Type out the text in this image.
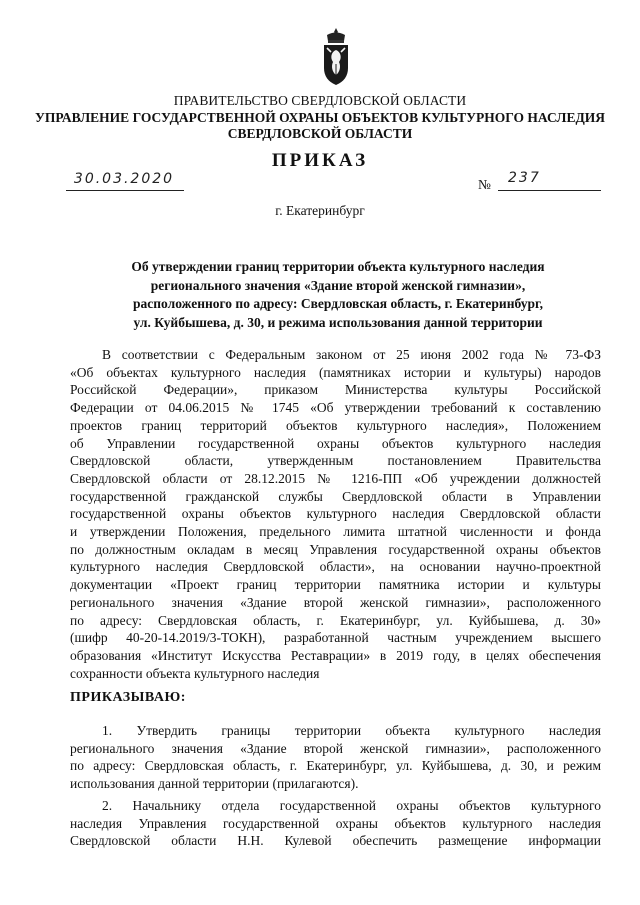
ПРАВИТЕЛЬСТВО СВЕРДЛОВСКОЙ ОБЛАСТИ
УПРАВЛЕНИЕ ГОСУДАРСТВЕННОЙ ОХРАНЫ ОБЪЕКТОВ КУЛЬТУРНОГО НАСЛЕДИЯ
СВЕРДЛОВСКОЙ ОБЛАСТИ
ПРИКАЗ
30.03.2020	№ 237
г. Екатеринбург
Об утверждении границ территории объекта культурного наследия
регионального значения «Здание второй женской гимназии»,
расположенного по адресу: Свердловская область, г. Екатеринбург,
ул. Куйбышева, д. 30, и режима использования данной территории
В соответствии с Федеральным законом от 25 июня 2002 года № 73-ФЗ
«Об объектах культурного наследия (памятниках истории и культуры) народов
Российской Федерации», приказом Министерства культуры Российской
Федерации от 04.06.2015 № 1745 «Об утверждении требований к составлению
проектов границ территорий объектов культурного наследия», Положением
об Управлении государственной охраны объектов культурного наследия
Свердловской области, утвержденным постановлением Правительства
Свердловской области от 28.12.2015 № 1216-ПП «Об учреждении должностей
государственной гражданской службы Свердловской области в Управлении
государственной охраны объектов культурного наследия Свердловской области
и утверждении Положения, предельного лимита штатной численности и фонда
по должностным окладам в месяц Управления государственной охраны объектов
культурного наследия Свердловской области», на основании научно-проектной
документации «Проект границ территории памятника истории и культуры
регионального значения «Здание второй женской гимназии», расположенного
по адресу: Свердловская область, г. Екатеринбург, ул. Куйбышева, д. 30»
(шифр 40-20-14.2019/3-ТОКН), разработанной частным учреждением высшего
образования «Институт Искусства Реставрации» в 2019 году, в целях обеспечения
сохранности объекта культурного наследия
ПРИКАЗЫВАЮ:
1. Утвердить границы территории объекта культурного наследия
регионального значения «Здание второй женской гимназии», расположенного
по адресу: Свердловская область, г. Екатеринбург, ул. Куйбышева, д. 30, и режим
использования данной территории (прилагаются).
2. Начальнику отдела государственной охраны объектов культурного
наследия Управления государственной охраны объектов культурного наследия
Свердловской области Н.Н. Кулевой обеспечить размещение информации
